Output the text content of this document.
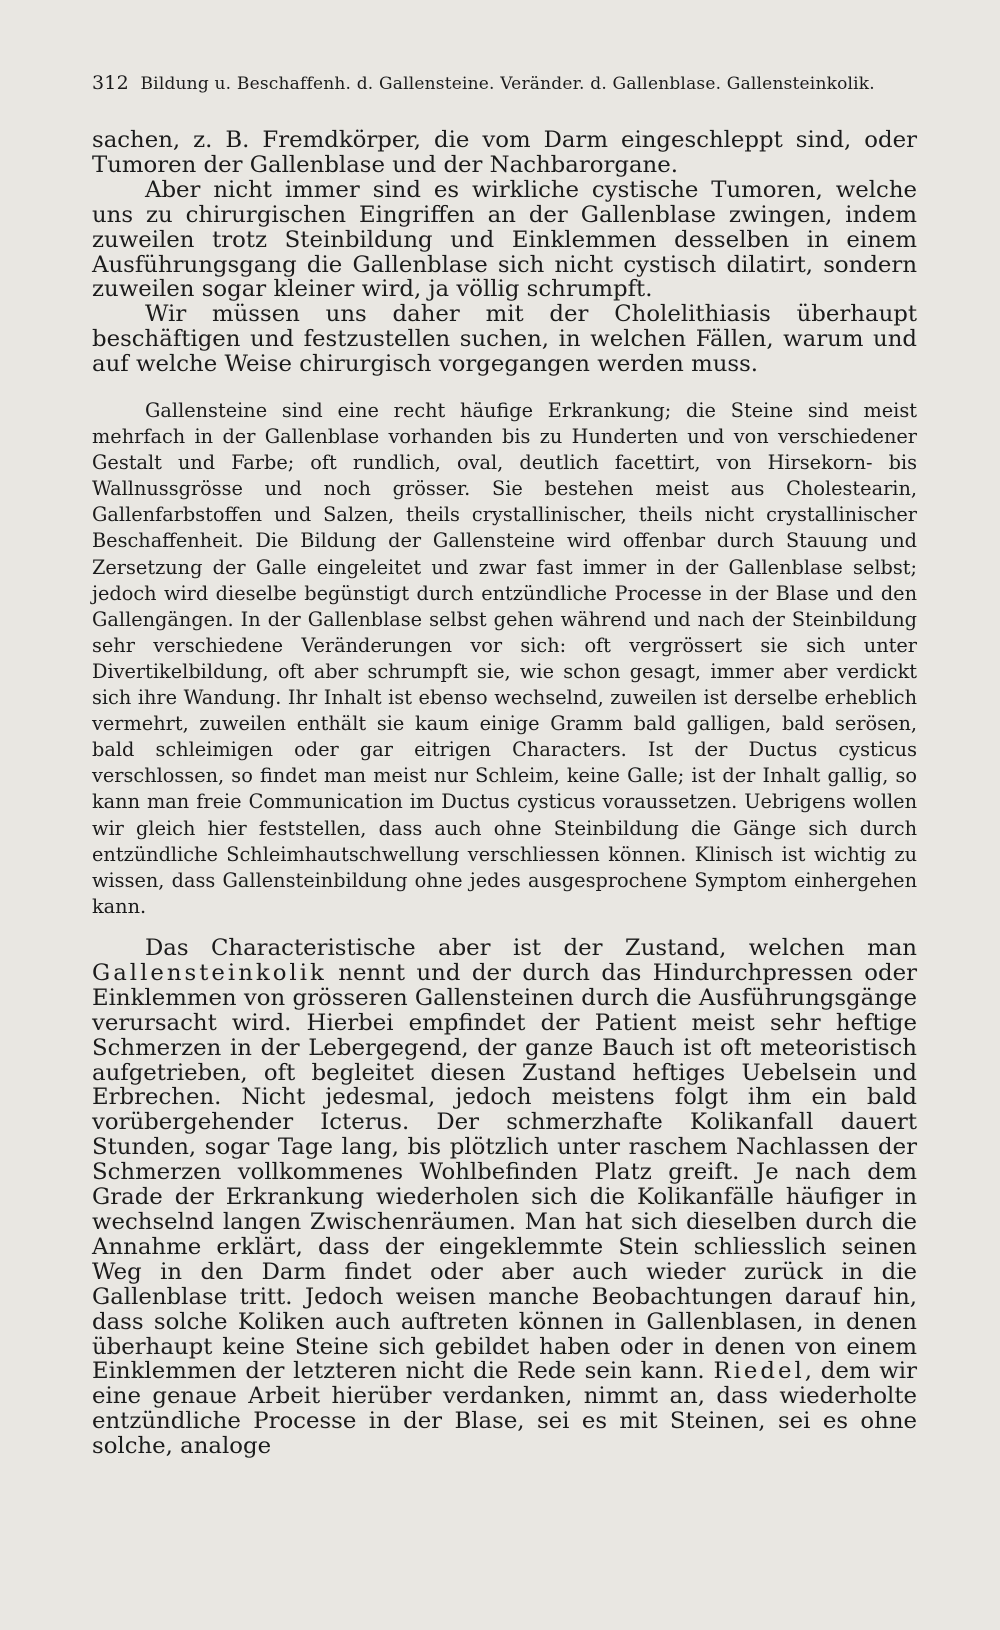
312 Bildung u. Beschaffenh. d. Gallensteine. Veränder. d. Gallenblase. Gallensteinkolik.

sachen, z. B. Fremdkörper, die vom Darm eingeschleppt sind, oder Tumoren der Gallenblase und der Nachbarorgane.

Aber nicht immer sind es wirkliche cystische Tumoren, welche uns zu chirurgischen Eingriffen an der Gallenblase zwingen, indem zuweilen trotz Steinbildung und Einklemmen desselben in einem Ausführungsgang die Gallenblase sich nicht cystisch dilatirt, sondern zuweilen sogar kleiner wird, ja völlig schrumpft.

Wir müssen uns daher mit der Cholelithiasis überhaupt beschäftigen und festzustellen suchen, in welchen Fällen, warum und auf welche Weise chirurgisch vorgegangen werden muss.

Gallensteine sind eine recht häufige Erkrankung; die Steine sind meist mehrfach in der Gallenblase vorhanden bis zu Hunderten und von verschiedener Gestalt und Farbe; oft rundlich, oval, deutlich facettirt, von Hirsekorn- bis Wallnussgrösse und noch grösser. Sie bestehen meist aus Cholestearin, Gallenfarbstoffen und Salzen, theils crystallinischer, theils nicht crystallinischer Beschaffenheit. Die Bildung der Gallensteine wird offenbar durch Stauung und Zersetzung der Galle eingeleitet und zwar fast immer in der Gallenblase selbst; jedoch wird dieselbe begünstigt durch entzündliche Processe in der Blase und den Gallengängen. In der Gallenblase selbst gehen während und nach der Steinbildung sehr verschiedene Veränderungen vor sich: oft vergrössert sie sich unter Divertikelbildung, oft aber schrumpft sie, wie schon gesagt, immer aber verdickt sich ihre Wandung. Ihr Inhalt ist ebenso wechselnd, zuweilen ist derselbe erheblich vermehrt, zuweilen enthält sie kaum einige Gramm bald galligen, bald serösen, bald schleimigen oder gar eitrigen Characters. Ist der Ductus cysticus verschlossen, so findet man meist nur Schleim, keine Galle; ist der Inhalt gallig, so kann man freie Communication im Ductus cysticus voraussetzen. Uebrigens wollen wir gleich hier feststellen, dass auch ohne Steinbildung die Gänge sich durch entzündliche Schleimhautschwellung verschliessen können. Klinisch ist wichtig zu wissen, dass Gallensteinbildung ohne jedes ausgesprochene Symptom einhergehen kann.

Das Characteristische aber ist der Zustand, welchen man Gallensteinkolik nennt und der durch das Hindurchpressen oder Einklemmen von grösseren Gallensteinen durch die Ausführungsgänge verursacht wird. Hierbei empfindet der Patient meist sehr heftige Schmerzen in der Lebergegend, der ganze Bauch ist oft meteoristisch aufgetrieben, oft begleitet diesen Zustand heftiges Uebelsein und Erbrechen. Nicht jedesmal, jedoch meistens folgt ihm ein bald vorübergehender Icterus. Der schmerzhafte Kolikanfall dauert Stunden, sogar Tage lang, bis plötzlich unter raschem Nachlassen der Schmerzen vollkommenes Wohlbefinden Platz greift. Je nach dem Grade der Erkrankung wiederholen sich die Kolikanfälle häufiger in wechselnd langen Zwischenräumen. Man hat sich dieselben durch die Annahme erklärt, dass der eingeklemmte Stein schliesslich seinen Weg in den Darm findet oder aber auch wieder zurück in die Gallenblase tritt. Jedoch weisen manche Beobachtungen darauf hin, dass solche Koliken auch auftreten können in Gallenblasen, in denen überhaupt keine Steine sich gebildet haben oder in denen von einem Einklemmen der letzteren nicht die Rede sein kann. Riedel, dem wir eine genaue Arbeit hierüber verdanken, nimmt an, dass wiederholte entzündliche Processe in der Blase, sei es mit Steinen, sei es ohne solche, analoge
